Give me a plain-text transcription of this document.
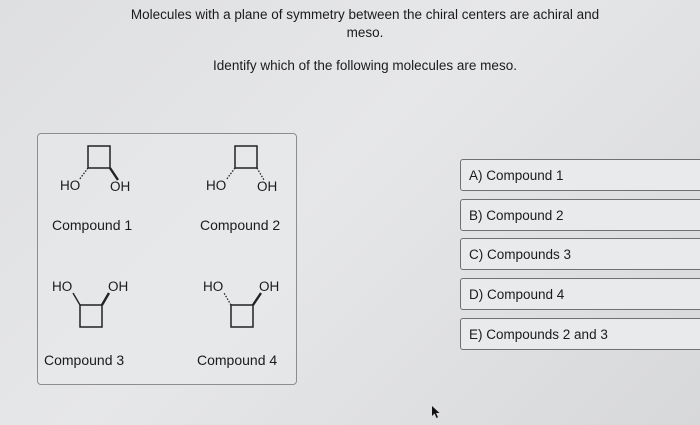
Molecules with a plane of symmetry between the chiral centers are achiral and
meso.
Identify which of the following molecules are meso.
HO OH
Compound 1
HO OH
Compound 2
HO	OH
Compound 3
HO	OH
Compound 4
A) Compound 1
B) Compound 2
C) Compounds 3
D) Compound 4
E) Compounds 2 and 3
